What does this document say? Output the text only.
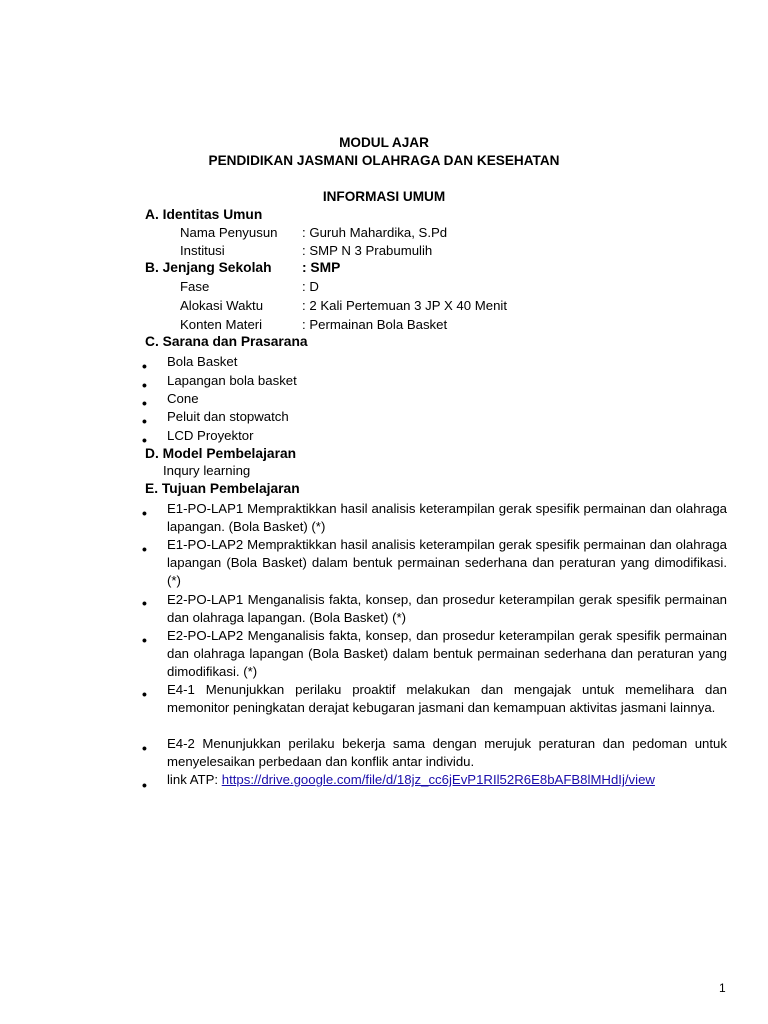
MODUL AJAR
PENDIDIKAN JASMANI OLAHRAGA DAN KESEHATAN
INFORMASI UMUM
A. Identitas Umun
Nama Penyusun : Guruh Mahardika, S.Pd
Institusi	: SMP N 3 Prabumulih
B. Jenjang Sekolah : SMP
Fase	: D
Alokasi Waktu	: 2 Kali Pertemuan 3 JP X 40 Menit
Konten Materi	: Permainan Bola Basket
C. Sarana dan Prasarana
• Bola Basket
• Lapangan bola basket
• Cone
• Peluit dan stopwatch
• LCD Proyektor
D. Model Pembelajaran
Inqury learning
E. Tujuan Pembelajaran
• E1-PO-LAP1 Mempraktikkan hasil analisis keterampilan gerak spesifik permainan dan olahraga lapangan. (Bola Basket) (*)
• E1-PO-LAP2 Mempraktikkan hasil analisis keterampilan gerak spesifik permainan dan olahraga lapangan (Bola Basket) dalam bentuk permainan sederhana dan peraturan yang dimodifikasi. (*)
• E2-PO-LAP1 Menganalisis fakta, konsep, dan prosedur keterampilan gerak spesifik permainan dan olahraga lapangan. (Bola Basket) (*)
• E2-PO-LAP2 Menganalisis fakta, konsep, dan prosedur keterampilan gerak spesifik permainan dan olahraga lapangan (Bola Basket) dalam bentuk permainan sederhana dan peraturan yang dimodifikasi. (*)
• E4-1 Menunjukkan perilaku proaktif melakukan dan mengajak untuk memelihara dan memonitor peningkatan derajat kebugaran jasmani dan kemampuan aktivitas jasmani lainnya.
• E4-2 Menunjukkan perilaku bekerja sama dengan merujuk peraturan dan pedoman untuk menyelesaikan perbedaan dan konflik antar individu.
• link ATP: https://drive.google.com/file/d/18jz_cc6jEvP1RIl52R6E8bAFB8lMHdIj/view
1
